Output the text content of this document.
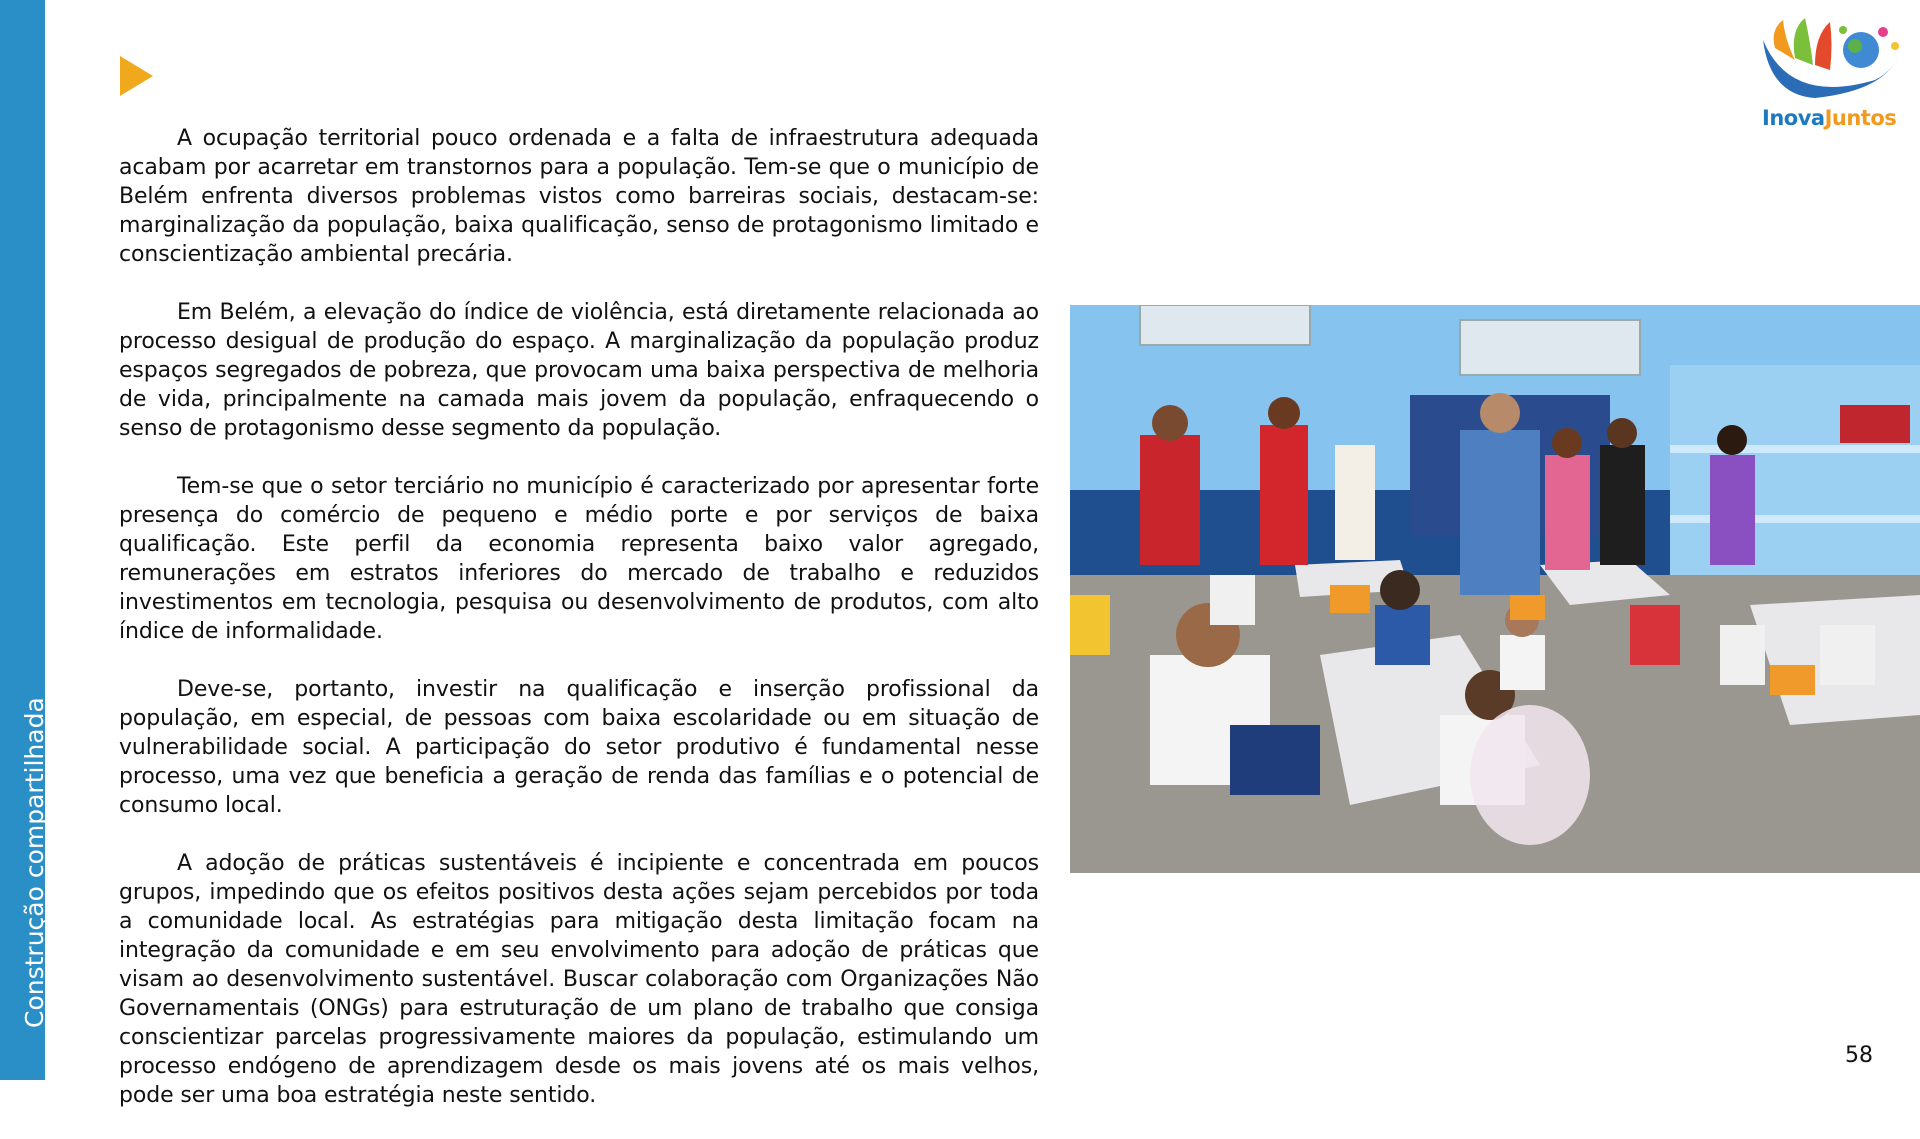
Construção compartilhada

A ocupação territorial pouco ordenada e a falta de infraestrutura adequada acabam por acarretar em transtornos para a população. Tem-se que o município de Belém enfrenta diversos problemas vistos como barreiras sociais, destacam-se: marginalização da população, baixa qualificação, senso de protagonismo limitado e conscientização ambiental precária.

Em Belém, a elevação do índice de violência, está diretamente relacionada ao processo desigual de produção do espaço. A marginalização da população produz espaços segregados de pobreza, que provocam uma baixa perspectiva de melhoria de vida, principalmente na camada mais jovem da população, enfraquecendo o senso de protagonismo desse segmento da população.

Tem-se que o setor terciário no município é caracterizado por apresentar forte presença do comércio de pequeno e médio porte e por serviços de baixa qualificação. Este perfil da economia representa baixo valor agregado, remunerações em estratos inferiores do mercado de trabalho e reduzidos investimentos em tecnologia, pesquisa ou desenvolvimento de produtos, com alto índice de informalidade.

Deve-se, portanto, investir na qualificação e inserção profissional da população, em especial, de pessoas com baixa escolaridade ou em situação de vulnerabilidade social. A participação do setor produtivo é fundamental nesse processo, uma vez que beneficia a geração de renda das famílias e o potencial de consumo local.

A adoção de práticas sustentáveis é incipiente e concentrada em poucos grupos, impedindo que os efeitos positivos desta ações sejam percebidos por toda a comunidade local. As estratégias para mitigação desta limitação focam na integração da comunidade e em seu envolvimento para adoção de práticas que visam ao desenvolvimento sustentável. Buscar colaboração com Organizações Não Governamentais (ONGs) para estruturação de um plano de trabalho que consiga conscientizar parcelas progressivamente maiores da população, estimulando um processo endógeno de aprendizagem desde os mais jovens até os mais velhos, pode ser uma boa estratégia neste sentido.

InovaJuntos
58
